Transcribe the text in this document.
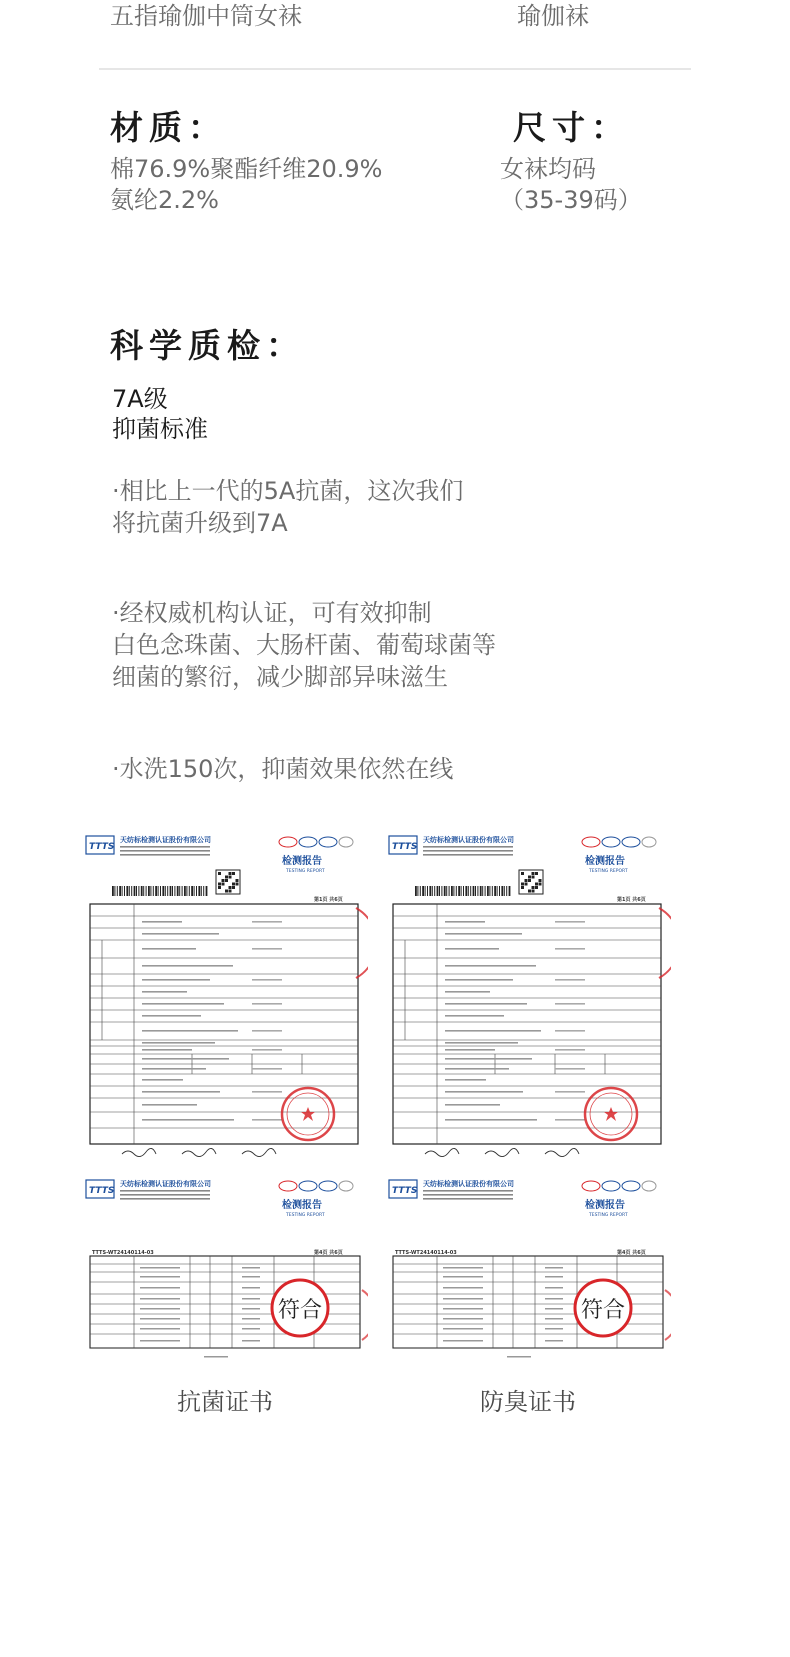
五指瑜伽中筒女袜	瑜伽袜
材质：
棉76.9%聚酯纤维20.9%
氨纶2.2%
尺寸：
女袜均码
（35-39码）
科学质检：
7A级
抑菌标准
·相比上一代的5A抗菌，这次我们
将抗菌升级到7A
·经权威机构认证，可有效抑制
白色念珠菌、大肠杆菌、葡萄球菌等
细菌的繁衍，减少脚部异味滋生
·水洗150次，抑菌效果依然在线
TTTS
天纺标检测认证股份有限公司
检测报告
TESTING REPORT
第1页 共6页
TTTS
天纺标检测认证股份有限公司
检测报告
TESTING REPORT
第1页 共6页
TTTS
天纺标检测认证股份有限公司
检测报告
TESTING REPORT
TTTS-WT24140114-03	第4页 共6页
符合
TTTS
天纺标检测认证股份有限公司
检测报告
TESTING REPORT
TTTS-WT24140114-03	第4页 共6页
符合
抗菌证书	防臭证书
